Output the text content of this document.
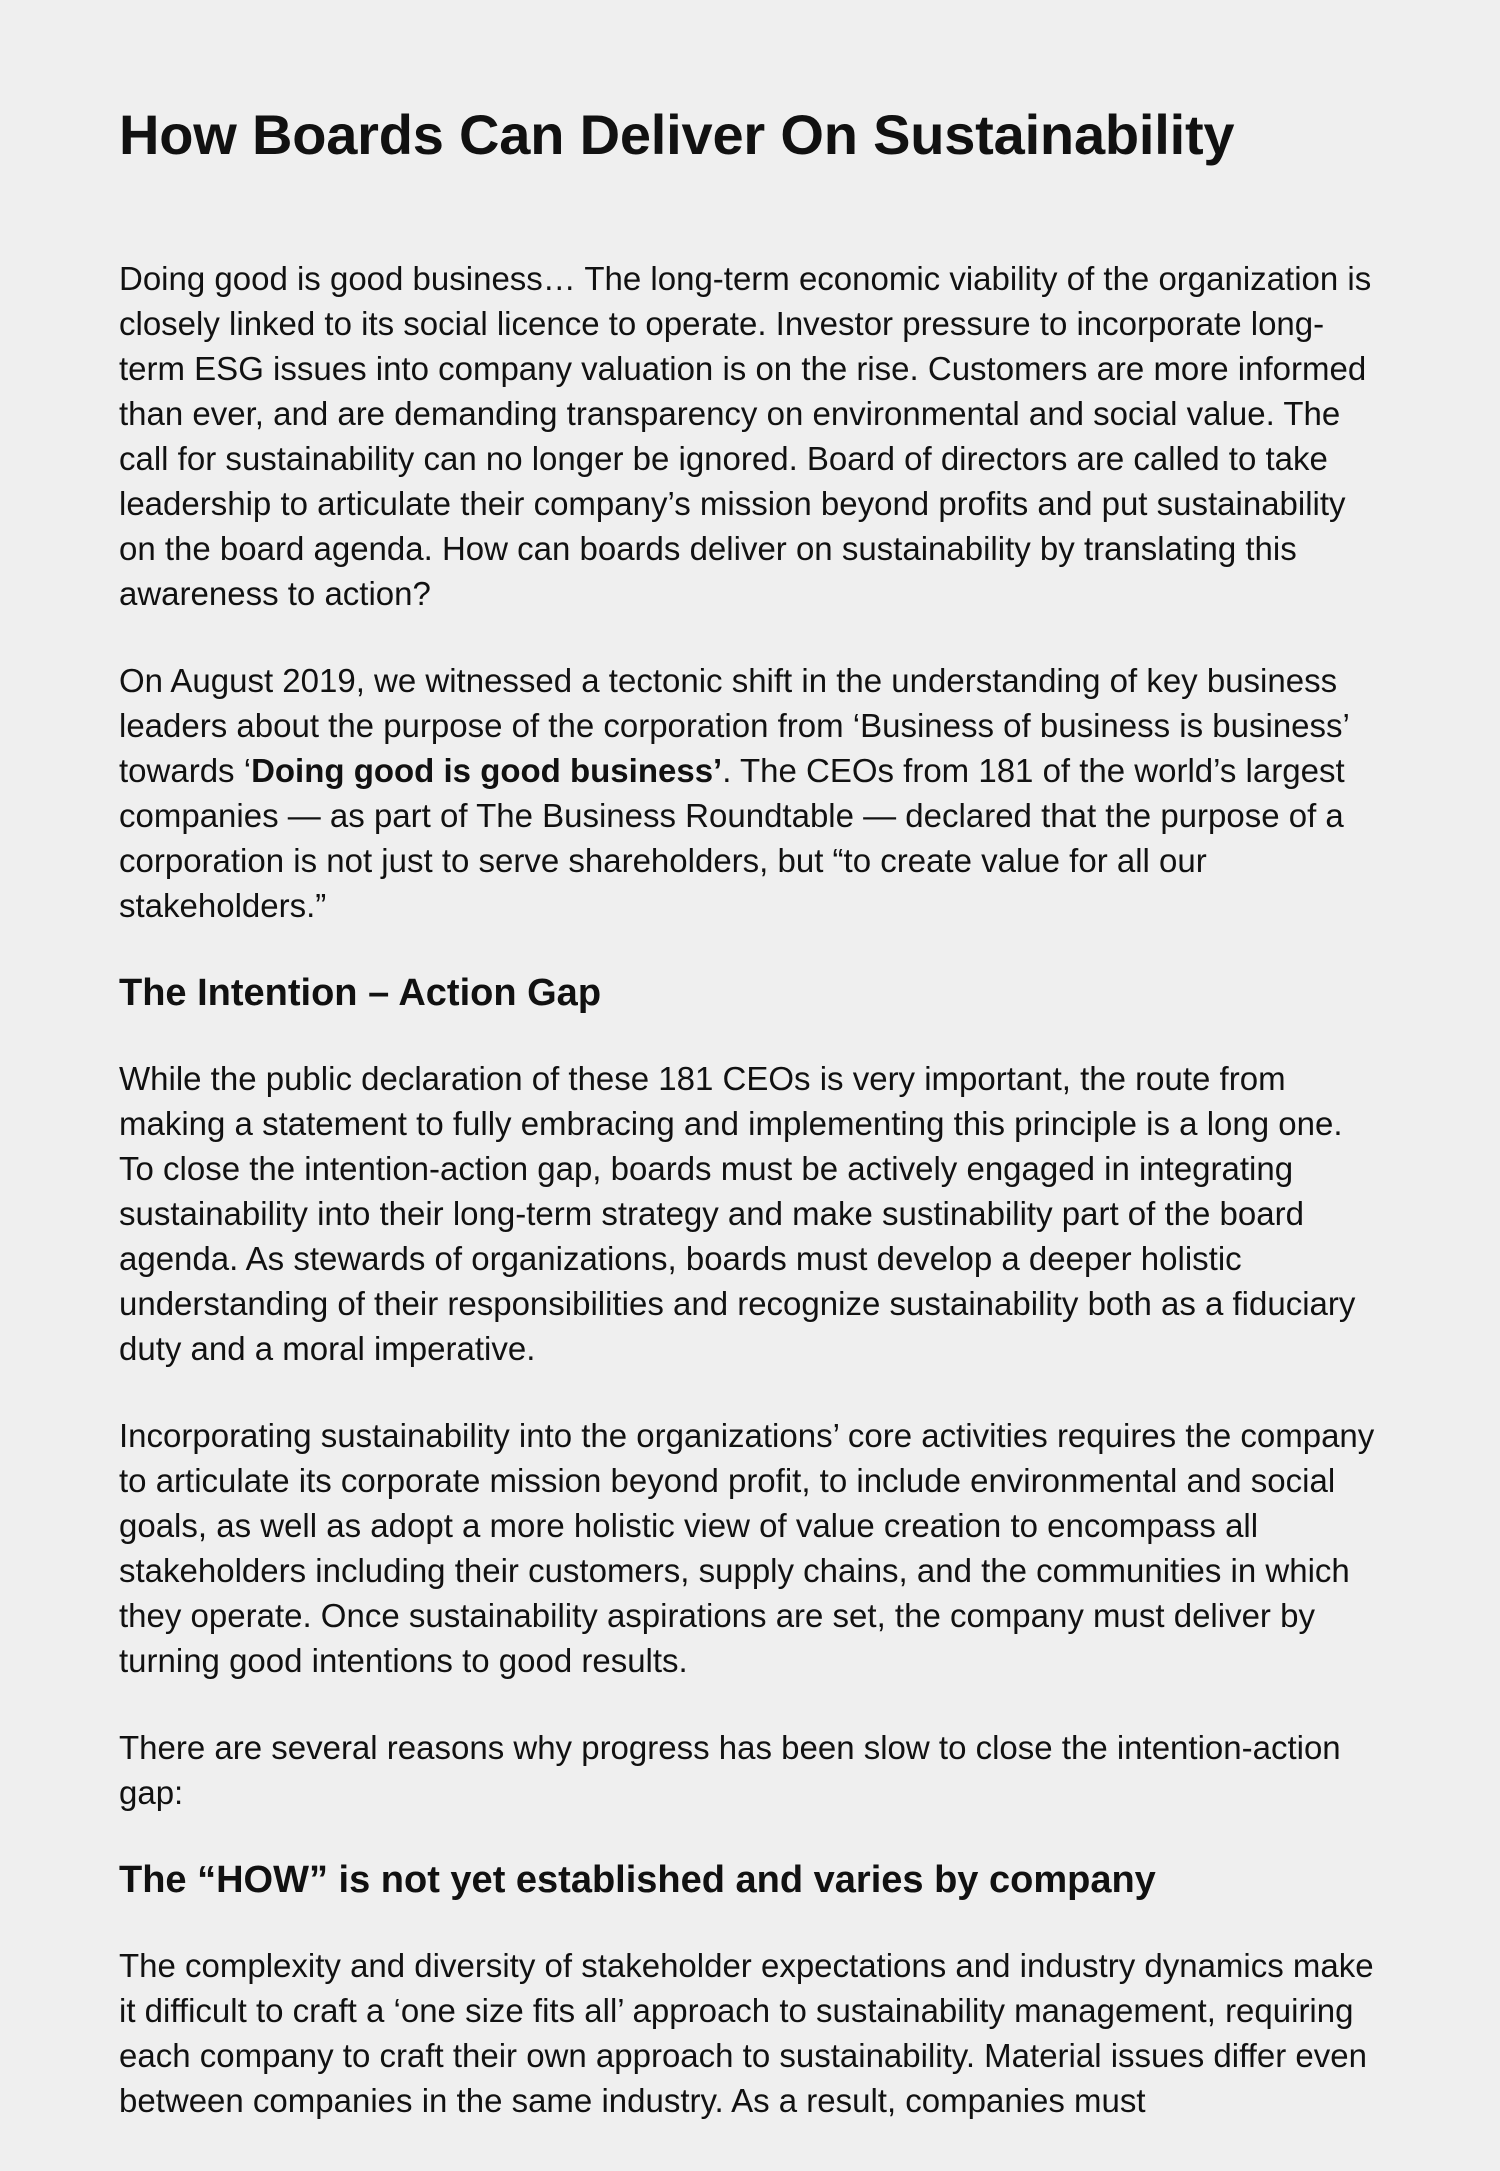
How Boards Can Deliver On Sustainability

Doing good is good business… The long-term economic viability of the organization is closely linked to its social licence to operate. Investor pressure to incorporate long-term ESG issues into company valuation is on the rise. Customers are more informed than ever, and are demanding transparency on environmental and social value. The call for sustainability can no longer be ignored. Board of directors are called to take leadership to articulate their company’s mission beyond profits and put sustainability on the board agenda. How can boards deliver on sustainability by translating this awareness to action?

On August 2019, we witnessed a tectonic shift in the understanding of key business leaders about the purpose of the corporation from ‘Business of business is business’ towards ‘Doing good is good business’. The CEOs from 181 of the world’s largest companies — as part of The Business Roundtable — declared that the purpose of a corporation is not just to serve shareholders, but “to create value for all our stakeholders.”

The Intention – Action Gap

While the public declaration of these 181 CEOs is very important, the route from making a statement to fully embracing and implementing this principle is a long one. To close the intention-action gap, boards must be actively engaged in integrating sustainability into their long-term strategy and make sustinability part of the board agenda. As stewards of organizations, boards must develop a deeper holistic understanding of their responsibilities and recognize sustainability both as a fiduciary duty and a moral imperative.

Incorporating sustainability into the organizations’ core activities requires the company to articulate its corporate mission beyond profit, to include environmental and social goals, as well as adopt a more holistic view of value creation to encompass all stakeholders including their customers, supply chains, and the communities in which they operate. Once sustainability aspirations are set, the company must deliver by turning good intentions to good results.

There are several reasons why progress has been slow to close the intention-action gap:

The “HOW” is not yet established and varies by company

The complexity and diversity of stakeholder expectations and industry dynamics make it difficult to craft a ‘one size fits all’ approach to sustainability management, requiring each company to craft their own approach to sustainability. Material issues differ even between companies in the same industry. As a result, companies must
